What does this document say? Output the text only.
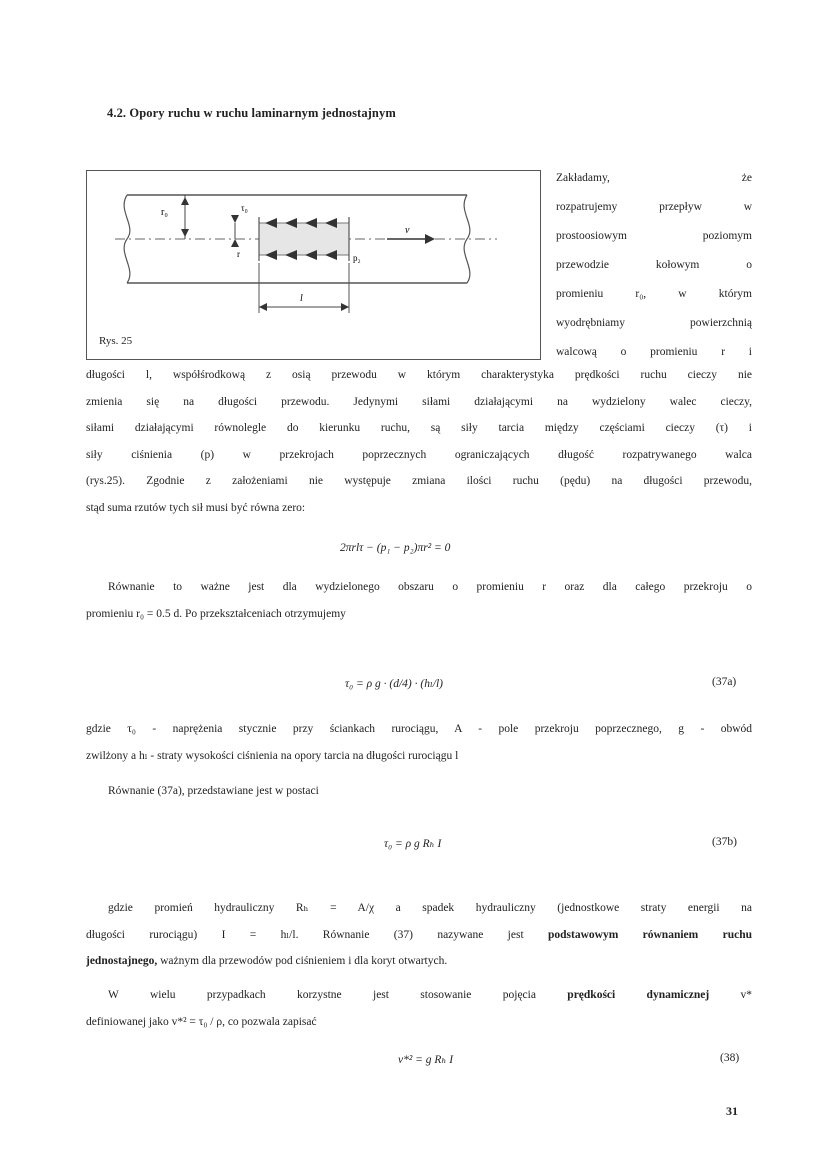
4.2. Opory ruchu w ruchu laminarnym jednostajnym
r₀
r
τ₀
v
p₂
l
Rys. 25
Zakładamy, że
rozpatrujemy przepływ w
prostoosiowym poziomym
przewodzie kołowym o
promieniu r₀, w którym
wyodrębniamy powierzchnią
walcową o promieniu r i
długości l, współśrodkową z osią przewodu w którym charakterystyka prędkości ruchu cieczy nie
zmienia się na długości przewodu. Jedynymi siłami działającymi na wydzielony walec cieczy,
siłami działającymi równolegle do kierunku ruchu, są siły tarcia między częściami cieczy (τ) i
siły ciśnienia (p) w przekrojach poprzecznych ograniczających długość rozpatrywanego walca
(rys.25). Zgodnie z założeniami nie występuje zmiana ilości ruchu (pędu) na długości przewodu,
stąd suma rzutów tych sił musi być równa zero:
2πrlτ − (p₁ − p₂)πr² = 0
Równanie to ważne jest dla wydzielonego obszaru o promieniu r oraz dla całego przekroju o
promieniu r₀ = 0.5 d. Po przekształceniach otrzymujemy
τ₀ = ρ g · (d/4) · (hₗ/l)	(37a)
gdzie τ₀ - naprężenia stycznie przy ściankach rurociągu, A - pole przekroju poprzecznego, g - obwód
zwilżony a hₗ - straty wysokości ciśnienia na opory tarcia na długości rurociągu l
Równanie (37a), przedstawiane jest w postaci
τ₀ = ρ g Rₕ I	(37b)
gdzie promień hydrauliczny Rₕ = A/χ a spadek hydrauliczny (jednostkowe straty energii na
długości rurociągu) I = hₗ/l. Równanie (37) nazywane jest podstawowym równaniem ruchu
jednostajnego, ważnym dla przewodów pod ciśnieniem i dla koryt otwartych.
W wielu przypadkach korzystne jest stosowanie pojęcia prędkości dynamicznej v*
definiowanej jako v*² = τ₀ / ρ, co pozwala zapisać
v*² = g Rₕ I	(38)
31
